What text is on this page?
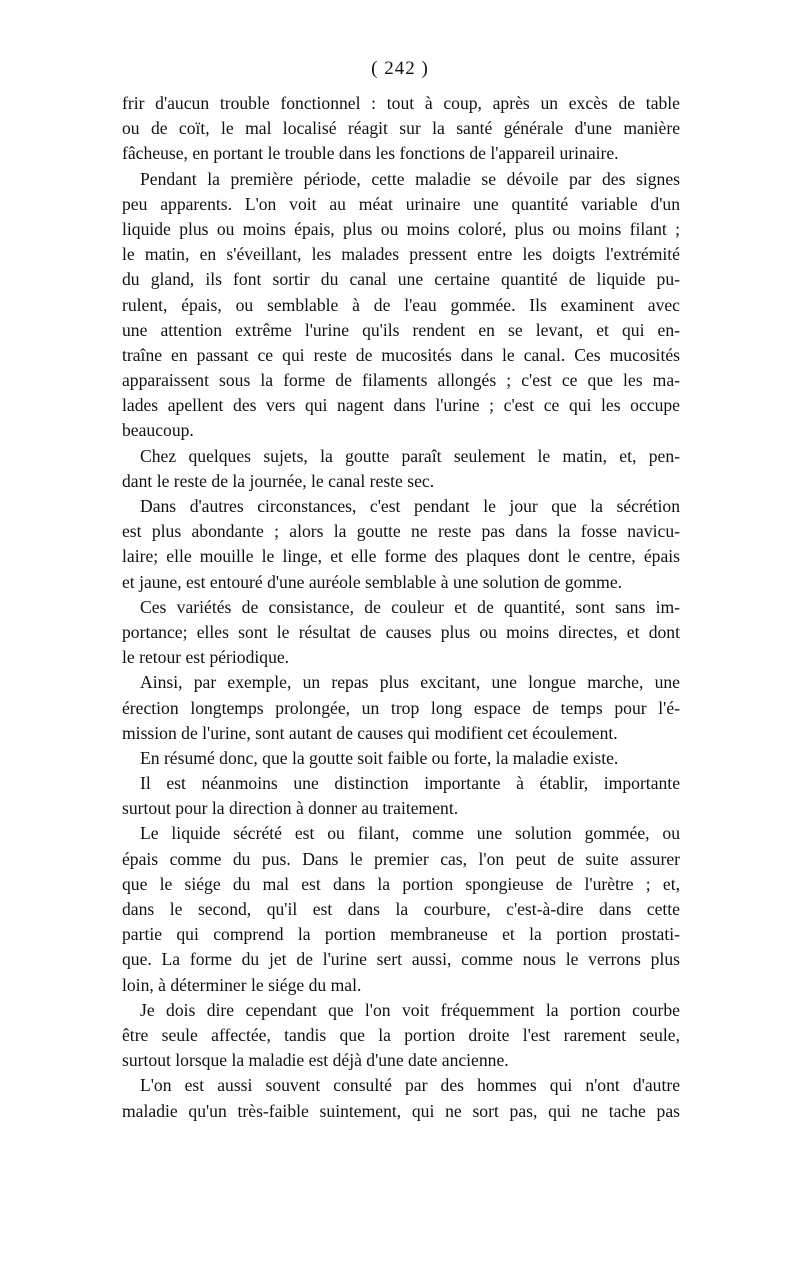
( 242 )
frir d'aucun trouble fonctionnel : tout à coup, après un excès de table
ou de coït, le mal localisé réagit sur la santé générale d'une manière
fâcheuse, en portant le trouble dans les fonctions de l'appareil urinaire.
Pendant la première période, cette maladie se dévoile par des signes
peu apparents. L'on voit au méat urinaire une quantité variable d'un
liquide plus ou moins épais, plus ou moins coloré, plus ou moins filant ;
le matin, en s'éveillant, les malades pressent entre les doigts l'extrémité
du gland, ils font sortir du canal une certaine quantité de liquide pu-
rulent, épais, ou semblable à de l'eau gommée. Ils examinent avec
une attention extrême l'urine qu'ils rendent en se levant, et qui en-
traîne en passant ce qui reste de mucosités dans le canal. Ces mucosités
apparaissent sous la forme de filaments allongés ; c'est ce que les ma-
lades apellent des vers qui nagent dans l'urine ; c'est ce qui les occupe
beaucoup.
Chez quelques sujets, la goutte paraît seulement le matin, et, pen-
dant le reste de la journée, le canal reste sec.
Dans d'autres circonstances, c'est pendant le jour que la sécrétion
est plus abondante ; alors la goutte ne reste pas dans la fosse navicu-
laire; elle mouille le linge, et elle forme des plaques dont le centre, épais
et jaune, est entouré d'une auréole semblable à une solution de gomme.
Ces variétés de consistance, de couleur et de quantité, sont sans im-
portance; elles sont le résultat de causes plus ou moins directes, et dont
le retour est périodique.
Ainsi, par exemple, un repas plus excitant, une longue marche, une
érection longtemps prolongée, un trop long espace de temps pour l'é-
mission de l'urine, sont autant de causes qui modifient cet écoulement.
En résumé donc, que la goutte soit faible ou forte, la maladie existe.
Il est néanmoins une distinction importante à établir, importante
surtout pour la direction à donner au traitement.
Le liquide sécrété est ou filant, comme une solution gommée, ou
épais comme du pus. Dans le premier cas, l'on peut de suite assurer
que le siége du mal est dans la portion spongieuse de l'urètre ; et,
dans le second, qu'il est dans la courbure, c'est-à-dire dans cette
partie qui comprend la portion membraneuse et la portion prostati-
que. La forme du jet de l'urine sert aussi, comme nous le verrons plus
loin, à déterminer le siége du mal.
Je dois dire cependant que l'on voit fréquemment la portion courbe
être seule affectée, tandis que la portion droite l'est rarement seule,
surtout lorsque la maladie est déjà d'une date ancienne.
L'on est aussi souvent consulté par des hommes qui n'ont d'autre
maladie qu'un très-faible suintement, qui ne sort pas, qui ne tache pas
